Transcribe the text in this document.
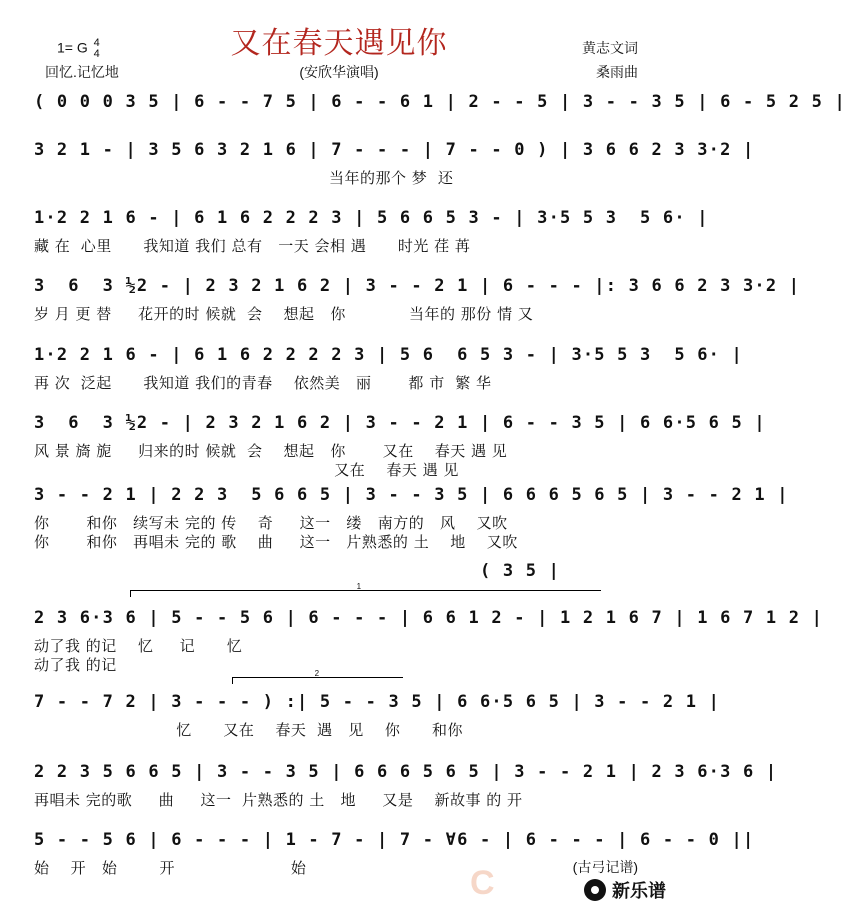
1= G 4
4	又在春天遇见你	黄志文词
回忆.记忆地	(安欣华演唱)	桑雨曲
( 0 0 0 3 5 | 6 - - 7 5 | 6 - - 6 1 | 2 - - 5 | 3 - - 3 5 | 6 - 5 2 5 |
3 2 1 - | 3 5 6 3 2 1 6 | 7 - - - | 7 - - 0 ) | 3 6 6 2 3 3·2 |
当年的那个 梦  还
1·2 2 1 6 - | 6 1 6 2 2 2 3 | 5 6 6 5 3 - | 3·5 5 3  5 6· |
藏 在  心里      我知道 我们 总有   一天 会相 遇      时光 荏 苒
3  6  3 ½2 - | 2 3 2 1 6 2 | 3 - - 2 1 | 6 - - - |: 3 6 6 2 3 3·2 |
岁 月 更 替     花开的时 候就  会    想起   你            当年的 那份 情 又
1·2 2 1 6 - | 6 1 6 2 2 2 2 3 | 5 6  6 5 3 - | 3·5 5 3  5 6· |
再 次  泛起      我知道 我们的青春    依然美   丽       都 市  繁 华
3  6  3 ½2 - | 2 3 2 1 6 2 | 3 - - 2 1 | 6 - - 3 5 | 6 6·5 6 5 |
风 景 旖 旎     归来的时 候就  会    想起   你       又在    春天 遇 见
又在    春天 遇 见
3 - - 2 1 | 2 2 3  5 6 6 5 | 3 - - 3 5 | 6 6 6 5 6 5 | 3 - - 2 1 |
你       和你   续写未 完的 传    奇     这一   缕   南方的   风    又吹
你       和你   再唱未 完的 歌    曲     这一   片熟悉的 土    地    又吹
( 3 5 |
2 3 6·3 6 | 5 - - 5 6 | 6 - - - | 6 6 1 2 - | 1 2 1 6 7 | 1 6 7 1 2 |
动了我 的记    忆     记      忆
动了我 的记
7 - - 7 2 | 3 - - - ) :| 5 - - 3 5 | 6 6·5 6 5 | 3 - - 2 1 |
忆      又在    春天  遇   见    你      和你
2 2 3 5 6 6 5 | 3 - - 3 5 | 6 6 6 5 6 5 | 3 - - 2 1 | 2 3 6·3 6 |
再唱未 完的歌     曲     这一  片熟悉的 土   地     又是    新故事 的 开
5 - - 5 6 | 6 - - - | 1 - 7 - | 7 - ∀6 - | 6 - - - | 6 - - 0 ||
始    开   始        开                      始
1
2
C	(古弓记谱)
新乐谱
